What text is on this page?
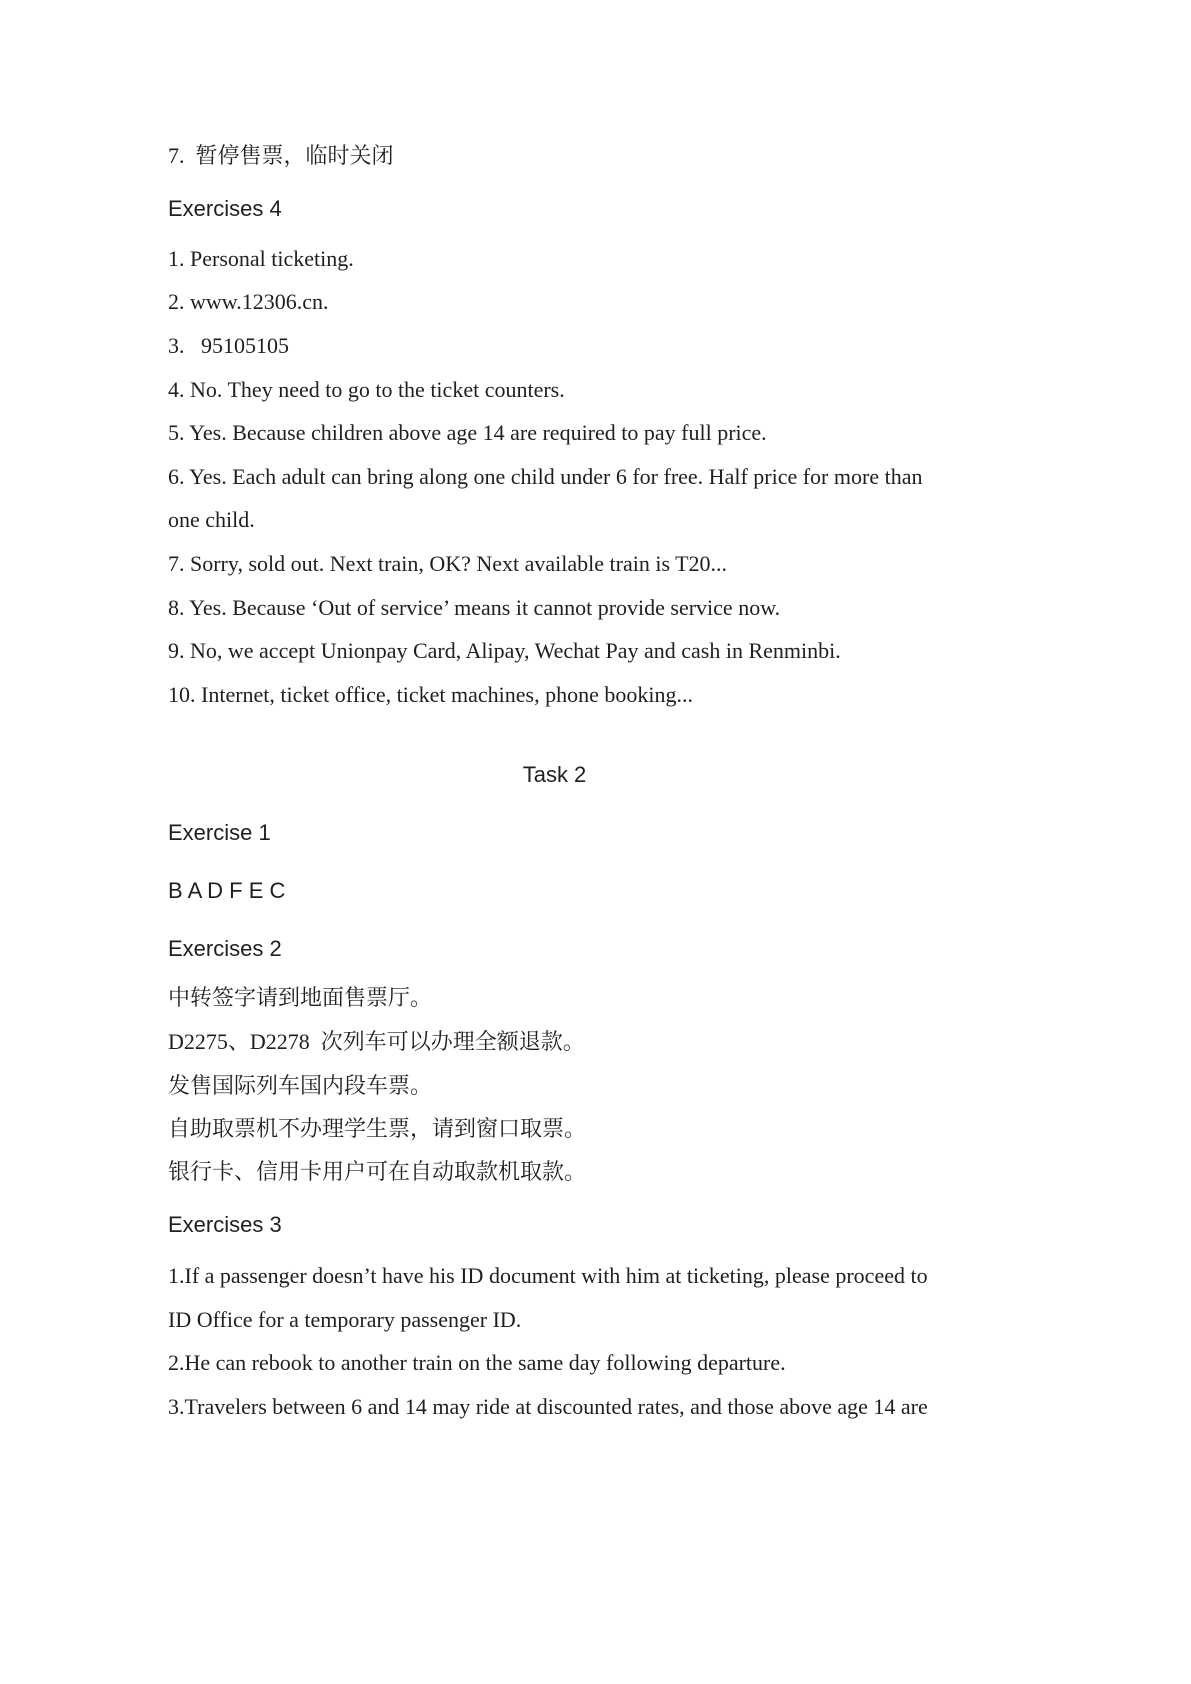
7.  暂停售票，临时关闭

Exercises 4

1. Personal ticketing.

2. www.12306.cn.

3.   95105105

4. No. They need to go to the ticket counters.

5. Yes. Because children above age 14 are required to pay full price.

6. Yes. Each adult can bring along one child under 6 for free. Half price for more than

one child.

7. Sorry, sold out. Next train, OK? Next available train is T20...

8. Yes. Because ‘Out of service’ means it cannot provide service now.

9. No, we accept Unionpay Card, Alipay, Wechat Pay and cash in Renminbi.

10. Internet, ticket office, ticket machines, phone booking...

Task 2
Exercise 1

B A D F E C

Exercises 2

中转签字请到地面售票厅。

D2275、D2278  次列车可以办理全额退款。

发售国际列车国内段车票。

自助取票机不办理学生票，请到窗口取票。

银行卡、信用卡用户可在自动取款机取款。

Exercises 3

1.If a passenger doesn’t have his ID document with him at ticketing, please proceed to

ID Office for a temporary passenger ID.

2.He can rebook to another train on the same day following departure.

3.Travelers between 6 and 14 may ride at discounted rates, and those above age 14 are
